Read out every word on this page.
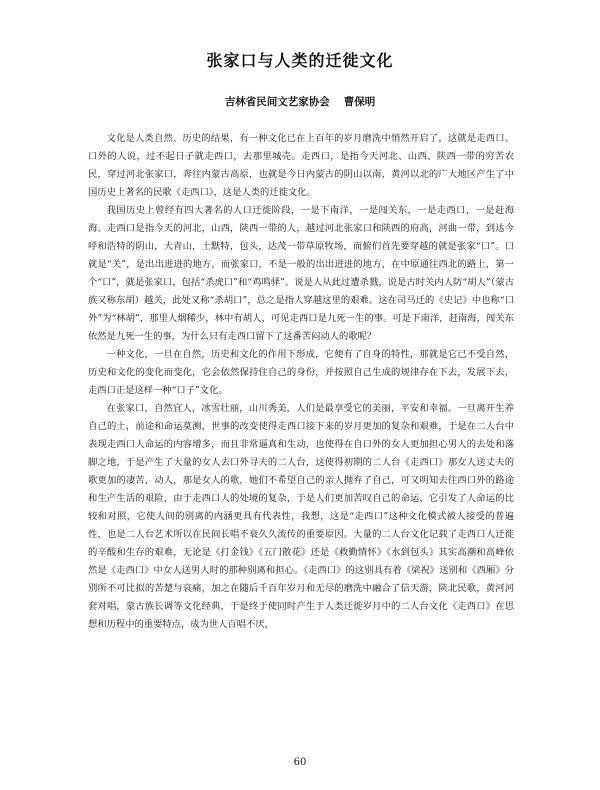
张家口与人类的迁徙文化
吉林省民间文艺家协会 曹保明

文化是人类自然、历史的结果，有一种文化已在上百年的岁月磨洗中悄然开启了，这就是走西口。口外的人说，过不起日子就走西口，去那里城壳。走西口，是指今天河北、山西、陕西一带的穷苦农民，穿过河北张家口，奔往内蒙古高原，也就是今日内蒙古的阴山以南，黄河以北的广大地区产生了中国历史上著名的民歌《走西口》，这是人类的迁徙文化。

我国历史上曾经有四大著名的人口迁徙阶段，一是下南洋，一是闯关东，一是走西口，一是赶海海。走西口是指今天的河北，山西，陕西一带的人，越过河北张家口和陕西的府高，河曲一带，到达今呼和浩特的阴山，大青山，土默特，包头，达茂一带草原牧场，而俯们首先要穿越的就是张家“口”。口就是“关”，是出出进进的地方，而张家口，不是一般的出出进进的地方，在中原通往西北的路上，第一个“口”，就是张家口，包括“杀虎口”和“鸡鸣驿”。说是人从此过遭杀戮，说是古时关内人防“胡人”（蒙古族又称东胡）越关，此处又称“杀胡口”，总之是指人穿越这里的艰难。这在司马迁的《史记》中也称“口外”为“林胡”，那里人烟稀少，林中有胡人，可见走西口是九死一生的事。可是下南洋，赶南海，闯关东依然是九死一生的事，为什么只有走西口留下了这番苦闷动人的歌呢？

一种文化，一旦在自然，历史和文化的作用下形成，它便有了自身的特性，那就是它已不受自然，历史和文化的变化而变化，它会依然保持住自己的身份，并按照自己生成的规律存在下去，发展下去，走西口正是这样一种“口子”文化。

在张家口，自然宜人，冰雪壮丽，山川秀美，人们是最享受它的美丽，平安和幸福。一旦离开生养自己的土，前途和命运莫测，世事的改变使得走西口接下来的岁月更加的复杂和艰难，于是在二人台中表现走西口人命运的内容增多，而且非常逼真和生动，也使得在自口外的女人更加担心男人的去处和落脚之地，于是产生了大量的女人去口外寻夫的二人台，这使得初期的二人台《走西口》那女人送丈夫的歌更加的凄苦，动人，那是女人的歌，她们不希望自己的亲人抛弃了自己，可又明知去往西口外的路途和生产生活的艰险，由于走西口人的处境的复杂，于是人们更加苦叹自己的命运，它引发了人命运的比较和对照，它使人间的别离的内涵更具有代表性，我想，这是“走西口”这种文化模式被人接受的普遍性，也是二人台艺术所以在民间长唱不衰久久流传的重要原因。大量的二人台文化记载了走西口人迁徙的辛酸和生存的艰难，无论是《打金钱》《五门散花》还是《救勤情怀》《水到包头》其实高潮和高峰依然是《走西口》中女人送男人时的那种别离和担心。《走西口》的这别具有着《梁祝》送别和《西厢》分别所不可比拟的苦楚与哀痛，加之在随后千百年岁月和无尽的磨洗中融合了信天游，陕北民歌，黄河河套对唱，蒙古族长调等文化经典，于是终于使同时产生于人类迁徙岁月中的二人台文化《走西口》在思想和历程中的重要特点，成为世人百唱不厌，

60
